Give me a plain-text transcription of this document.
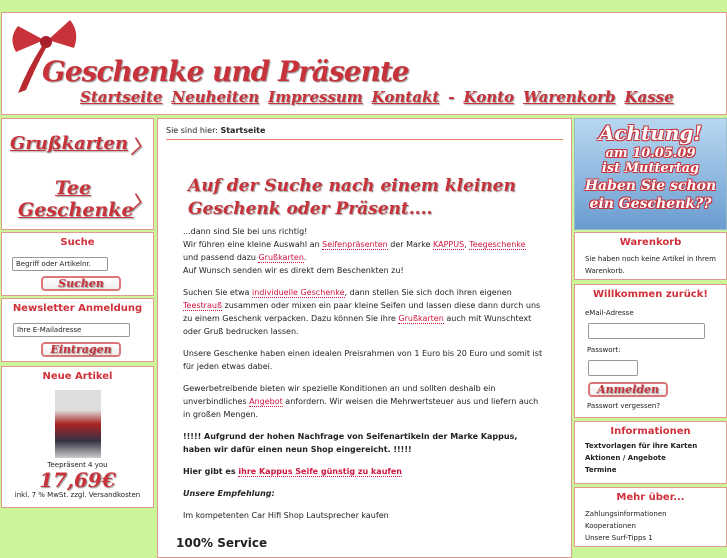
Geschenke und Präsente
Startseite Neuheiten Impressum Kontakt - Konto Warenkorb Kasse
Grußkarten 〉
Tee
Geschenke
〉
Suche
Begriff oder Artikelnr.
Suchen
Newsletter Anmeldung
Ihre E-Mailadresse
Eintragen
Neue Artikel
Teepräsent 4 you
17,69€
inkl. 7 % MwSt. zzgl. Versandkosten
Sie sind hier: Startseite
Auf der Suche nach einem kleinen
Geschenk oder Präsent....

...dann sind Sie bei uns richtig!
Wir führen eine kleine Auswahl an Seifenpräsenten der Marke KAPPUS, Teegeschenke und passend dazu Grußkarten.
Auf Wunsch senden wir es direkt dem Beschenkten zu!

Suchen Sie etwa individuelle Geschenke, dann stellen Sie sich doch ihren eigenen Teestrauß zusammen oder mixen ein paar kleine Seifen und lassen diese dann durch uns zu einem Geschenk verpacken. Dazu können Sie ihre Grußkarten auch mit Wunschtext oder Gruß bedrucken lassen.

Unsere Geschenke haben einen idealen Preisrahmen von 1 Euro bis 20 Euro und somit ist für jeden etwas dabei.

Gewerbetreibende bieten wir spezielle Konditionen an und sollten deshalb ein unverbindliches Angebot anfordern. Wir weisen die Mehrwertsteuer aus und liefern auch in großen Mengen.

!!!!! Aufgrund der hohen Nachfrage von Seifenartikeln der Marke Kappus, haben wir dafür einen neun Shop eingereicht. !!!!!

Hier gibt es ihre Kappus Seife günstig zu kaufen

Unsere Empfehlung:

Im kompetenten Car Hifi Shop Lautsprecher kaufen

100% Service
Achtung!
am 10.05.09
ist Muttertag
Haben Sie schon
ein Geschenk??
Warenkorb
Sie haben noch keine Artikel in Ihrem Warenkorb.
Willkommen zurück!
eMail-Adresse
Passwort:
Anmelden
Passwort vergessen?
Informationen
Textvorlagen für ihre Karten
Aktionen / Angebote
Termine
Mehr über...
Zahlungsinformationen
Kooperationen
Unsere Surf-Tipps 1
